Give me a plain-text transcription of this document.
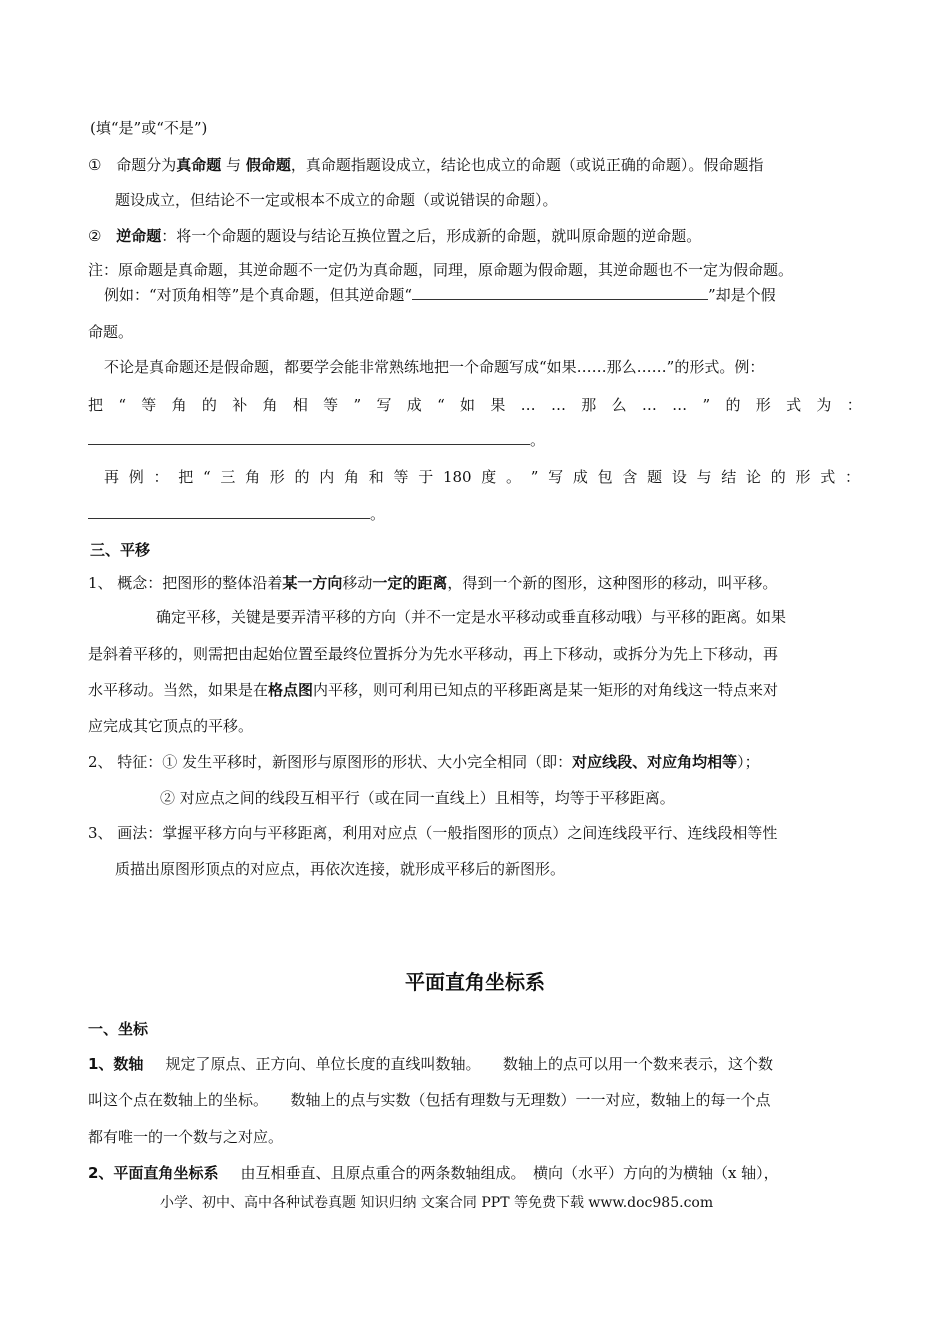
(填“是”或“不是”)
① 命题分为真命题 与 假命题，真命题指题设成立，结论也成立的命题（或说正确的命题）。假命题指
题设成立，但结论不一定或根本不成立的命题（或说错误的命题）。
② 逆命题：将一个命题的题设与结论互换位置之后，形成新的命题，就叫原命题的逆命题。
注：原命题是真命题，其逆命题不一定仍为真命题，同理，原命题为假命题，其逆命题也不一定为假命题。
例如：“对顶角相等”是个真命题，但其逆命题“	”却是个假
命题。
不论是真命题还是假命题，都要学会能非常熟练地把一个命题写成“如果……那么……”的形式。例：
把 “ 等 角 的 补 角 相 等 ” 写 成 “ 如 果 … … 那 么 … … ” 的 形 式 为 ：
。
再 例 ： 把 “ 三 角 形 的 内 角 和 等 于 180 度 。 ” 写 成 包 含 题 设 与 结 论 的 形 式 ：
。
三、平移
1、 概念：把图形的整体沿着某一方向移动一定的距离，得到一个新的图形，这种图形的移动，叫平移。
确定平移，关键是要弄清平移的方向（并不一定是水平移动或垂直移动哦）与平移的距离。如果
是斜着平移的，则需把由起始位置至最终位置拆分为先水平移动，再上下移动，或拆分为先上下移动，再
水平移动。当然，如果是在格点图内平移，则可利用已知点的平移距离是某一矩形的对角线这一特点来对
应完成其它顶点的平移。
2、 特征：① 发生平移时，新图形与原图形的形状、大小完全相同（即：对应线段、对应角均相等）；
② 对应点之间的线段互相平行（或在同一直线上）且相等，均等于平移距离。
3、 画法：掌握平移方向与平移距离，利用对应点（一般指图形的顶点）之间连线段平行、连线段相等性
质描出原图形顶点的对应点，再依次连接，就形成平移后的新图形。
平面直角坐标系
一、坐标
1、数轴 规定了原点、正方向、单位长度的直线叫数轴。　　数轴上的点可以用一个数来表示，这个数
叫这个点在数轴上的坐标。　　数轴上的点与实数（包括有理数与无理数）一一对应，数轴上的每一个点
都有唯一的一个数与之对应。
2、平面直角坐标系 由互相垂直、且原点重合的两条数轴组成。　横向（水平）方向的为横轴（x 轴），
小学、初中、高中各种试卷真题 知识归纳 文案合同 PPT 等免费下载 www.doc985.com
